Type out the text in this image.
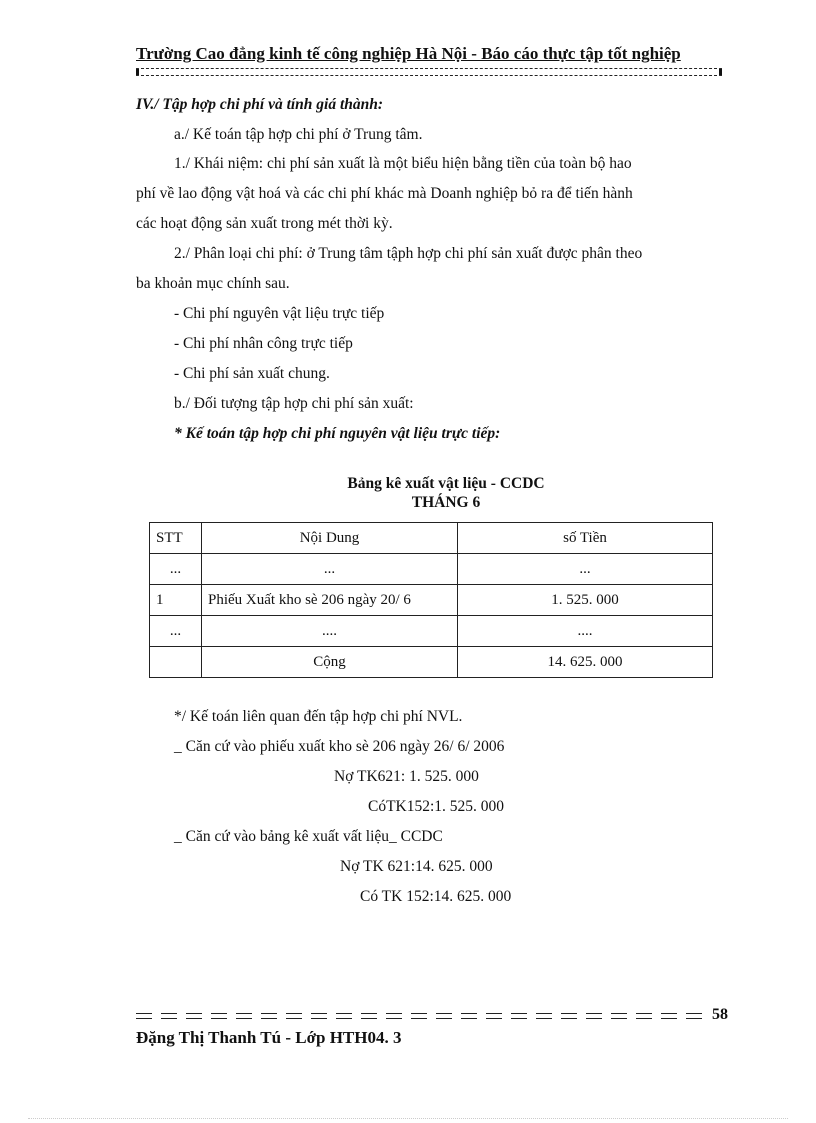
Trường Cao đẳng kinh tế công nghiệp Hà Nội - Báo cáo thực tập tốt nghiệp
IV./ Tập hợp chi phí và tính giá thành:
a./ Kế toán tập hợp chi phí ở Trung tâm.
1./ Khái niệm: chi phí sản xuất là một biểu hiện bằng tiền của toàn bộ hao
phí về lao động vật hoá và các chi phí khác mà Doanh nghiệp bỏ ra để tiến hành
các hoạt động sản xuất trong mét thời kỳ.
2./ Phân loại chi phí: ở Trung tâm tậph hợp chi phí sản xuất được phân theo
ba khoản mục chính sau.
- Chi phí nguyên vật liệu trực tiếp
- Chi phí nhân công trực tiếp
- Chi phí sản xuất chung.
b./ Đối tượng tập hợp chi phí sản xuất:
* Kế toán tập hợp chi phí nguyên vật liệu trực tiếp:
Bảng kê xuất vật liệu - CCDC
THÁNG 6
STT	Nội Dung	số Tiền
...	...	...
1	Phiếu Xuất kho sè 206 ngày 20/ 6	1. 525. 000
...	....	....
	Cộng	14. 625. 000
*/ Kế toán liên quan đến tập hợp chi phí NVL.
_ Căn cứ vào phiếu xuất kho sè 206 ngày 26/ 6/ 2006
Nợ TK621: 1. 525. 000
CóTK152:1. 525. 000
_ Căn cứ vào bảng kê xuất vất liệu_ CCDC
Nợ TK 621:14. 625. 000
Có TK 152:14. 625. 000
58
Đặng Thị Thanh Tú - Lớp HTH04. 3
